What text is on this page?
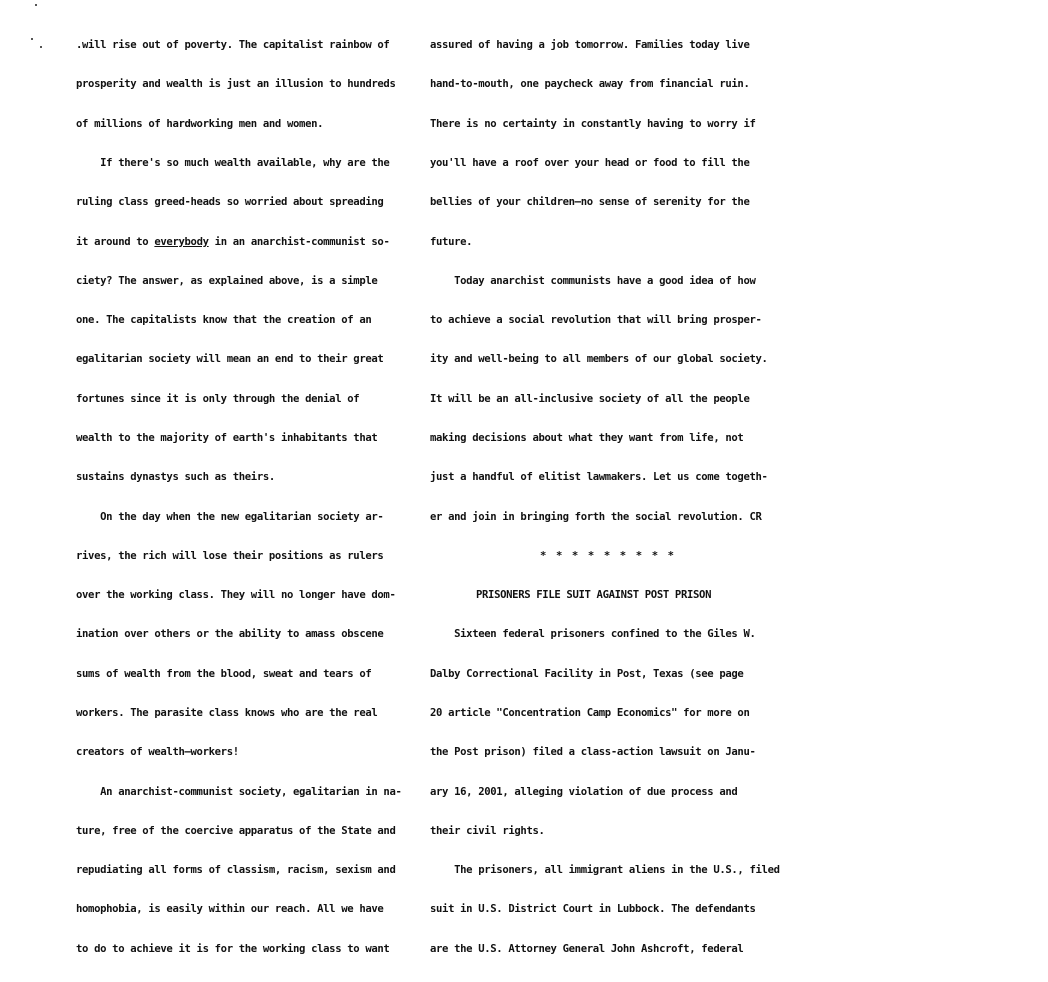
.will rise out of poverty. The capitalist rainbow of

prosperity and wealth is just an illusion to hundreds

of millions of hardworking men and women.

If there's so much wealth available, why are the

ruling class greed-heads so worried about spreading

it around to everybody in an anarchist-communist so-

ciety? The answer, as explained above, is a simple

one. The capitalists know that the creation of an

egalitarian society will mean an end to their great

fortunes since it is only through the denial of

wealth to the majority of earth's inhabitants that

sustains dynastys such as theirs.

On the day when the new egalitarian society ar-

rives, the rich will lose their positions as rulers

over the working class. They will no longer have dom-

ination over others or the ability to amass obscene

sums of wealth from the blood, sweat and tears of

workers. The parasite class knows who are the real

creators of wealth—workers!

An anarchist-communist society, egalitarian in na-

ture, free of the coercive apparatus of the State and

repudiating all forms of classism, racism, sexism and

homophobia, is easily within our reach. All we have

to do to achieve it is for the working class to want

assured of having a job tomorrow. Families today live

hand-to-mouth, one paycheck away from financial ruin.

There is no certainty in constantly having to worry if

you'll have a roof over your head or food to fill the

bellies of your children—no sense of serenity for the

future.

Today anarchist communists have a good idea of how

to achieve a social revolution that will bring prosper-

ity and well-being to all members of our global society.

It will be an all-inclusive society of all the people

making decisions about what they want from life, not

just a handful of elitist lawmakers. Let us come togeth-

er and join in bringing forth the social revolution. CR

* * * * * * * * *

PRISONERS FILE SUIT AGAINST POST PRISON

Sixteen federal prisoners confined to the Giles W.

Dalby Correctional Facility in Post, Texas (see page

20 article "Concentration Camp Economics" for more on

the Post prison) filed a class-action lawsuit on Janu-

ary 16, 2001, alleging violation of due process and

their civil rights.

The prisoners, all immigrant aliens in the U.S., filed

suit in U.S. District Court in Lubbock. The defendants

are the U.S. Attorney General John Ashcroft, federal
